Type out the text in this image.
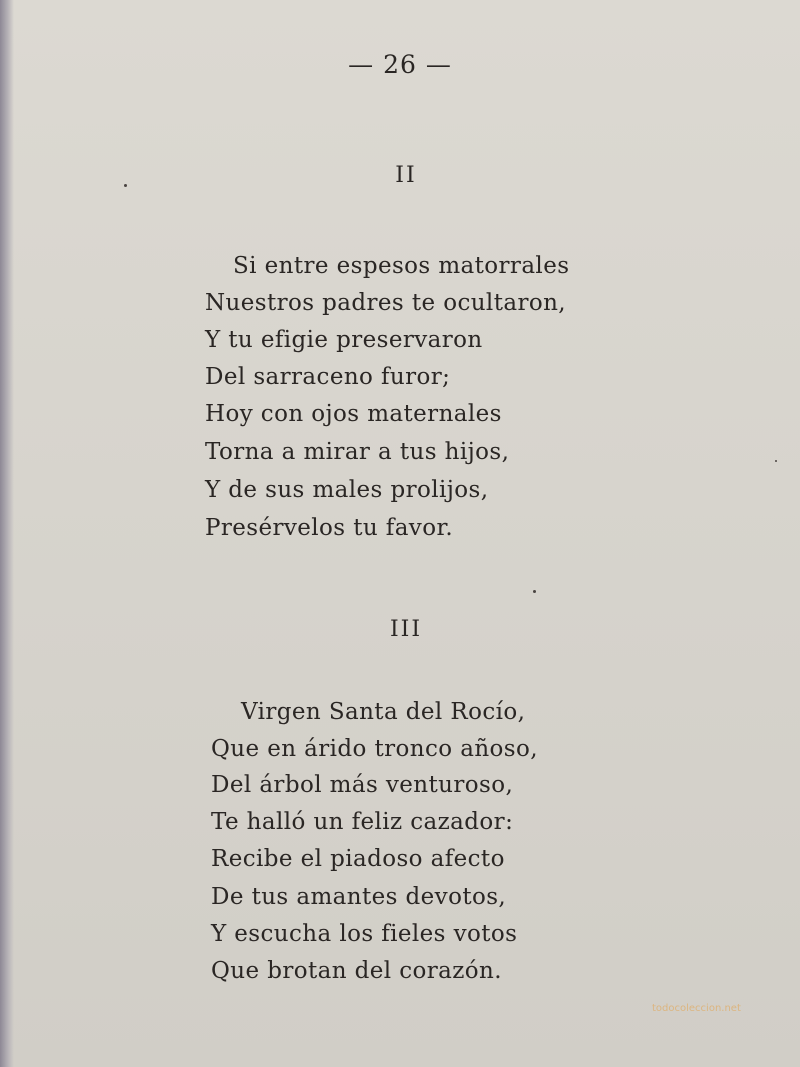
— 26 —
II
Si entre espesos matorrales
Nuestros padres te ocultaron,
Y tu efigie preservaron
Del sarraceno furor;
Hoy con ojos maternales
Torna a mirar a tus hijos,
Y de sus males prolijos,
Presérvelos tu favor.
III
Virgen Santa del Rocío,
Que en árido tronco añoso,
Del árbol más venturoso,
Te halló un feliz cazador:
Recibe el piadoso afecto
De tus amantes devotos,
Y escucha los fieles votos
Que brotan del corazón.
todocoleccion.net
